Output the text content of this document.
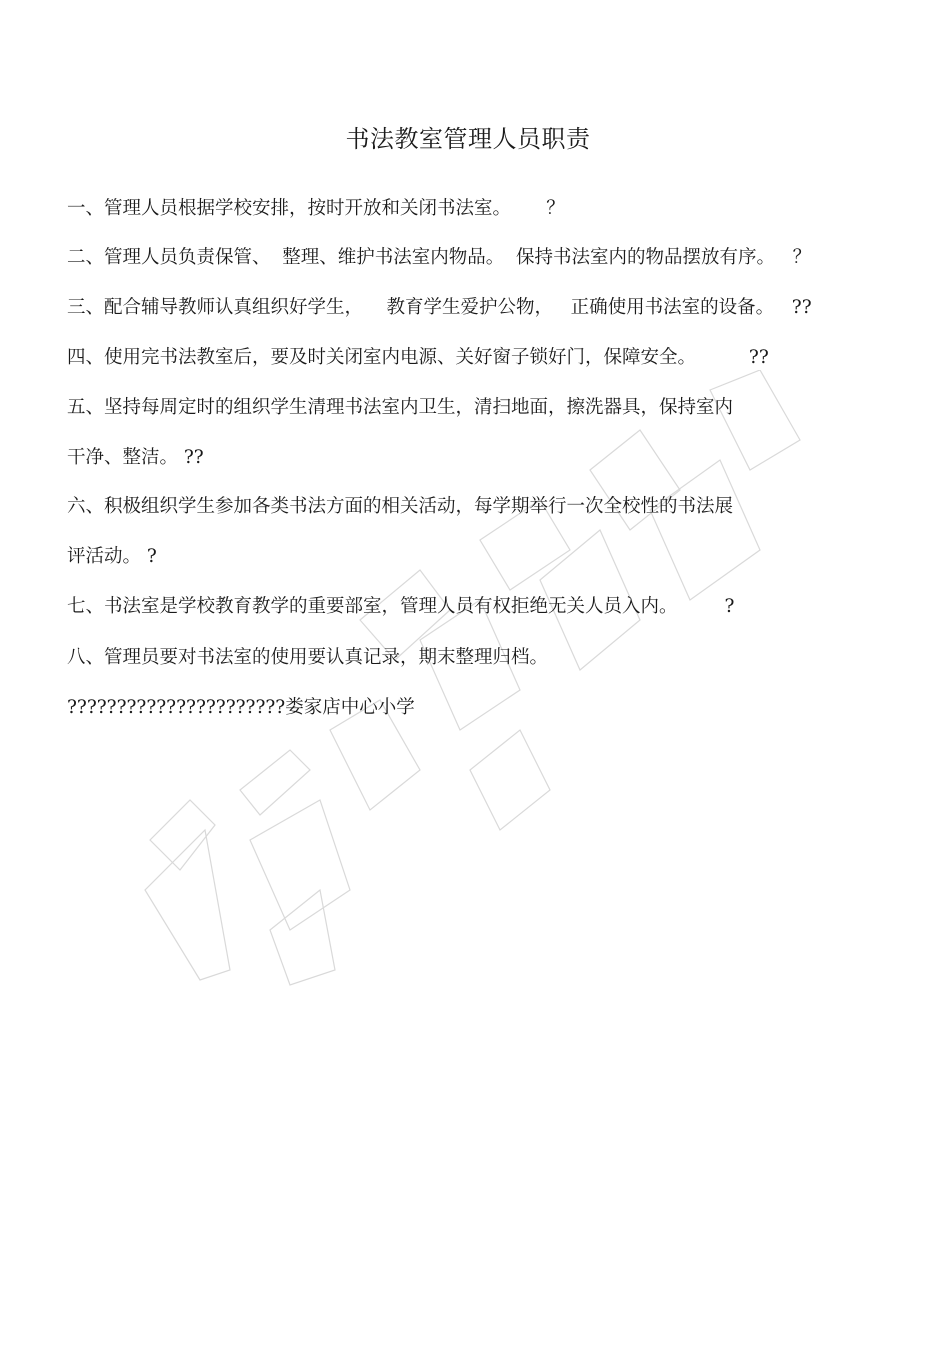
书法教室管理人员职责

一、管理人员根据学校安排，按时开放和关闭书法室。      ？

二、管理人员负责保管、  整理、维护书法室内物品。  保持书法室内的物品摆放有序。   ？

三、配合辅导教师认真组织好学生，    教育学生爱护公物，   正确使用书法室的设备。   ??

四、使用完书法教室后，要及时关闭室内电源、关好窗子锁好门，保障安全。         ??

五、坚持每周定时的组织学生清理书法室内卫生，清扫地面，擦洗器具，保持室内

干净、整洁。 ??

六、积极组织学生参加各类书法方面的相关活动，每学期举行一次全校性的书法展

评活动。 ?

七、书法室是学校教育教学的重要部室，管理人员有权拒绝无关人员入内。        ?

八、管理员要对书法室的使用要认真记录，期末整理归档。

??????????????????????娄家店中心小学
